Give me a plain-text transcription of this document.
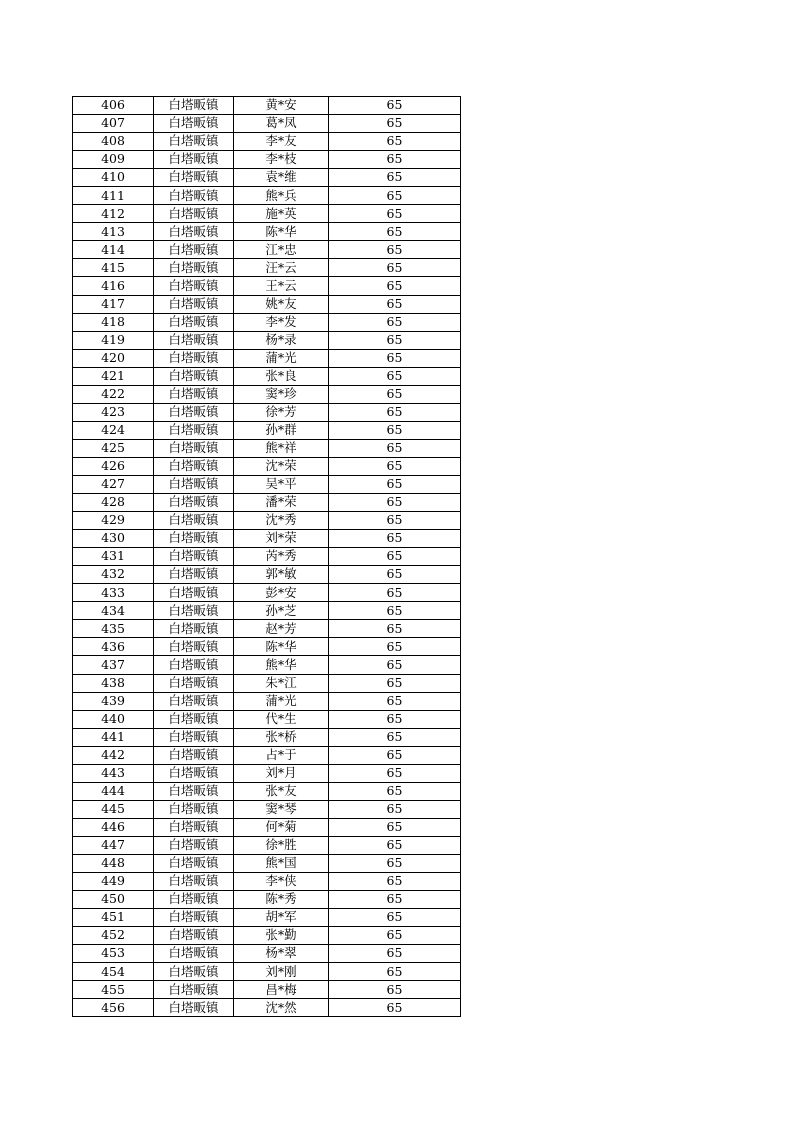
406	白塔畈镇	黄*安	65
407	白塔畈镇	葛*凤	65
408	白塔畈镇	李*友	65
409	白塔畈镇	李*枝	65
410	白塔畈镇	袁*维	65
411	白塔畈镇	熊*兵	65
412	白塔畈镇	施*英	65
413	白塔畈镇	陈*华	65
414	白塔畈镇	江*忠	65
415	白塔畈镇	汪*云	65
416	白塔畈镇	王*云	65
417	白塔畈镇	姚*友	65
418	白塔畈镇	李*发	65
419	白塔畈镇	杨*录	65
420	白塔畈镇	蒲*光	65
421	白塔畈镇	张*良	65
422	白塔畈镇	窦*珍	65
423	白塔畈镇	徐*芳	65
424	白塔畈镇	孙*群	65
425	白塔畈镇	熊*祥	65
426	白塔畈镇	沈*荣	65
427	白塔畈镇	吴*平	65
428	白塔畈镇	潘*荣	65
429	白塔畈镇	沈*秀	65
430	白塔畈镇	刘*荣	65
431	白塔畈镇	芮*秀	65
432	白塔畈镇	郭*敏	65
433	白塔畈镇	彭*安	65
434	白塔畈镇	孙*芝	65
435	白塔畈镇	赵*芳	65
436	白塔畈镇	陈*华	65
437	白塔畈镇	熊*华	65
438	白塔畈镇	朱*江	65
439	白塔畈镇	蒲*光	65
440	白塔畈镇	代*生	65
441	白塔畈镇	张*桥	65
442	白塔畈镇	占*于	65
443	白塔畈镇	刘*月	65
444	白塔畈镇	张*友	65
445	白塔畈镇	窦*琴	65
446	白塔畈镇	何*菊	65
447	白塔畈镇	徐*胜	65
448	白塔畈镇	熊*国	65
449	白塔畈镇	李*侠	65
450	白塔畈镇	陈*秀	65
451	白塔畈镇	胡*军	65
452	白塔畈镇	张*勤	65
453	白塔畈镇	杨*翠	65
454	白塔畈镇	刘*刚	65
455	白塔畈镇	昌*梅	65
456	白塔畈镇	沈*然	65
